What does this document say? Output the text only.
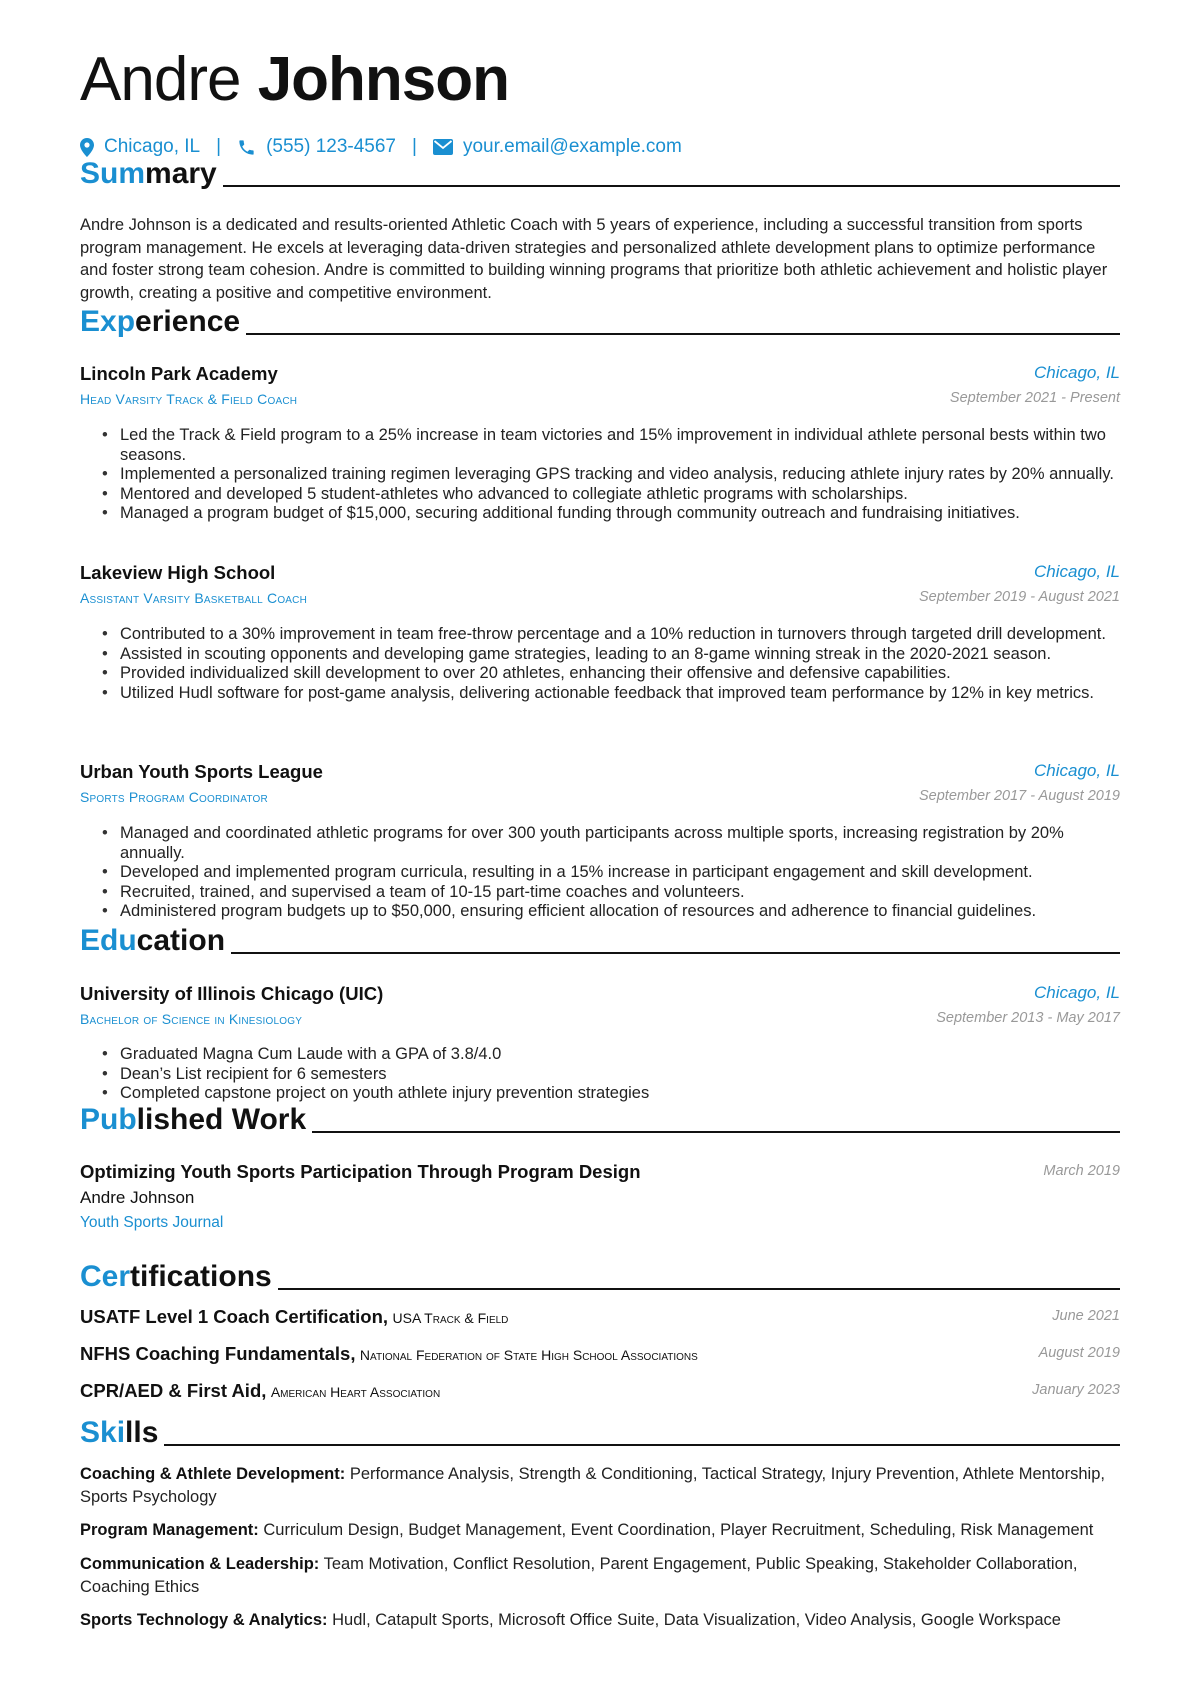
Andre Johnson
Chicago, IL | (555) 123-4567 | your.email@example.com
Summary
Andre Johnson is a dedicated and results-oriented Athletic Coach with 5 years of experience, including a successful transition from sports program management. He excels at leveraging data-driven strategies and personalized athlete development plans to optimize performance and foster strong team cohesion. Andre is committed to building winning programs that prioritize both athletic achievement and holistic player growth, creating a positive and competitive environment.
Experience
Lincoln Park Academy	Chicago, IL
Head Varsity Track & Field Coach	September 2021 - Present
• Led the Track & Field program to a 25% increase in team victories and 15% improvement in individual athlete personal bests within two seasons.
• Implemented a personalized training regimen leveraging GPS tracking and video analysis, reducing athlete injury rates by 20% annually.
• Mentored and developed 5 student-athletes who advanced to collegiate athletic programs with scholarships.
• Managed a program budget of $15,000, securing additional funding through community outreach and fundraising initiatives.
Lakeview High School	Chicago, IL
Assistant Varsity Basketball Coach	September 2019 - August 2021
• Contributed to a 30% improvement in team free-throw percentage and a 10% reduction in turnovers through targeted drill development.
• Assisted in scouting opponents and developing game strategies, leading to an 8-game winning streak in the 2020-2021 season.
• Provided individualized skill development to over 20 athletes, enhancing their offensive and defensive capabilities.
• Utilized Hudl software for post-game analysis, delivering actionable feedback that improved team performance by 12% in key metrics.
Urban Youth Sports League	Chicago, IL
Sports Program Coordinator	September 2017 - August 2019
• Managed and coordinated athletic programs for over 300 youth participants across multiple sports, increasing registration by 20% annually.
• Developed and implemented program curricula, resulting in a 15% increase in participant engagement and skill development.
• Recruited, trained, and supervised a team of 10-15 part-time coaches and volunteers.
• Administered program budgets up to $50,000, ensuring efficient allocation of resources and adherence to financial guidelines.
Education
University of Illinois Chicago (UIC)	Chicago, IL
Bachelor of Science in Kinesiology	September 2013 - May 2017
• Graduated Magna Cum Laude with a GPA of 3.8/4.0
• Dean’s List recipient for 6 semesters
• Completed capstone project on youth athlete injury prevention strategies
Published Work
Optimizing Youth Sports Participation Through Program Design	March 2019
Andre Johnson
Youth Sports Journal
Certifications
USATF Level 1 Coach Certification, USA Track & Field	June 2021
NFHS Coaching Fundamentals, National Federation of State High School Associations	August 2019
CPR/AED & First Aid, American Heart Association	January 2023
Skills
Coaching & Athlete Development: Performance Analysis, Strength & Conditioning, Tactical Strategy, Injury Prevention, Athlete Mentorship, Sports Psychology
Program Management: Curriculum Design, Budget Management, Event Coordination, Player Recruitment, Scheduling, Risk Management
Communication & Leadership: Team Motivation, Conflict Resolution, Parent Engagement, Public Speaking, Stakeholder Collaboration, Coaching Ethics
Sports Technology & Analytics: Hudl, Catapult Sports, Microsoft Office Suite, Data Visualization, Video Analysis, Google Workspace
